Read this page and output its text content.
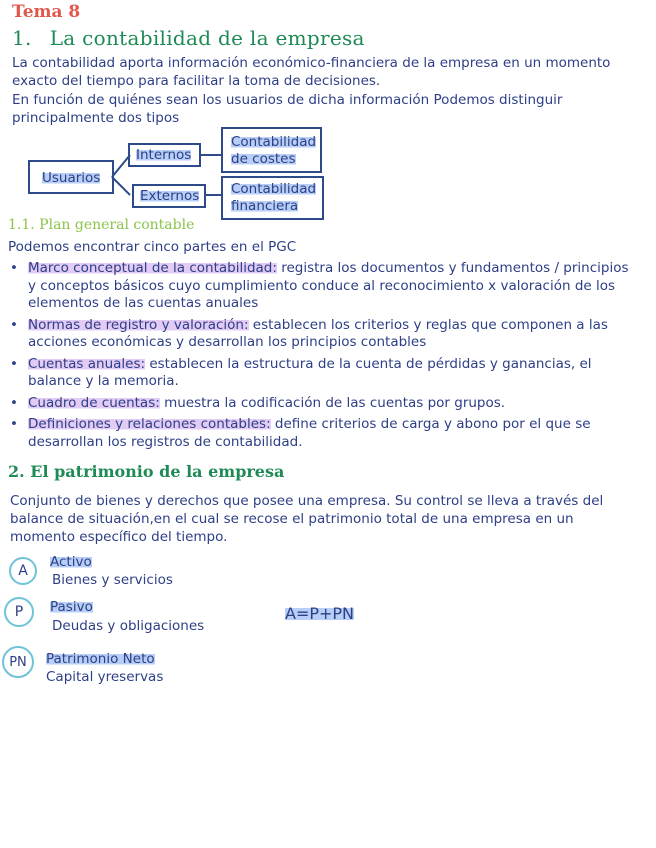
Tema 8
1. La contabilidad de la empresa
La contabilidad aporta información económico-financiera de la empresa en un momento exacto del tiempo para facilitar la toma de decisiones.
En función de quiénes sean los usuarios de dicha información Podemos distinguir principalmente dos tipos
Usuarios
Internos
Externos
Contabilidad
de costes
Contabilidad
financiera
1.1. Plan general contable
Podemos encontrar cinco partes en el PGC
• Marco conceptual de la contabilidad: registra los documentos y fundamentos / principios y conceptos básicos cuyo cumplimiento conduce al reconocimiento x valoración de los elementos de las cuentas anuales
• Normas de registro y valoración: establecen los criterios y reglas que componen a las acciones económicas y desarrollan los principios contables
• Cuentas anuales: establecen la estructura de la cuenta de pérdidas y ganancias, el balance y la memoria.
• Cuadro de cuentas: muestra la codificación de las cuentas por grupos.
• Definiciones y relaciones contables: define criterios de carga y abono por el que se desarrollan los registros de contabilidad.
2. El patrimonio de la empresa
Conjunto de bienes y derechos que posee una empresa. Su control se lleva a través del balance de situación,en el cual se recose el patrimonio total de una empresa en un momento específico del tiempo.
A
Activo
Bienes y servicios
P	Pasivo
Deudas y obligaciones
A=P+PN
PN	Patrimonio Neto
Capital yreservas
